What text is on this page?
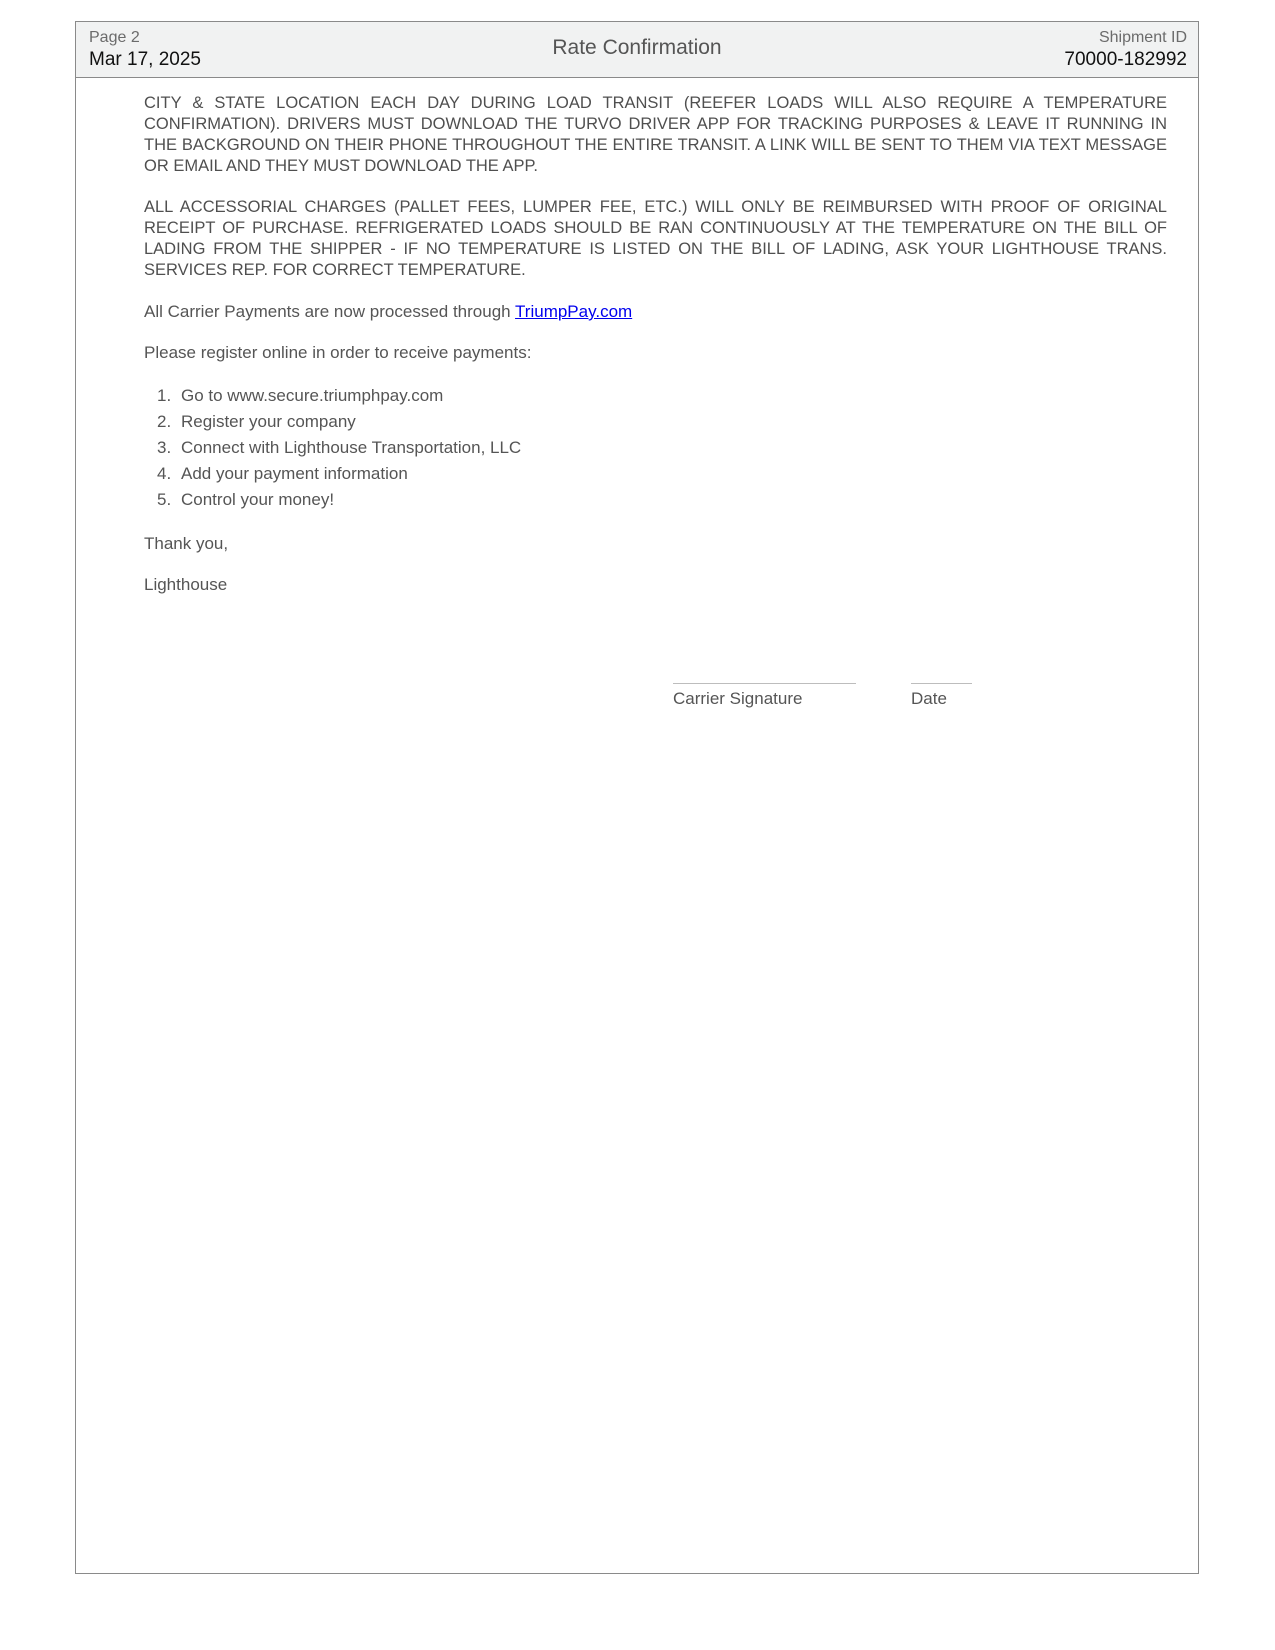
Page 2
Mar 17, 2025
Rate Confirmation	Shipment ID
70000-182992

CITY & STATE LOCATION EACH DAY DURING LOAD TRANSIT (REEFER LOADS WILL ALSO REQUIRE A TEMPERATURE CONFIRMATION). DRIVERS MUST DOWNLOAD THE TURVO DRIVER APP FOR TRACKING PURPOSES & LEAVE IT RUNNING IN THE BACKGROUND ON THEIR PHONE THROUGHOUT THE ENTIRE TRANSIT. A LINK WILL BE SENT TO THEM VIA TEXT MESSAGE OR EMAIL AND THEY MUST DOWNLOAD THE APP.

ALL ACCESSORIAL CHARGES (PALLET FEES, LUMPER FEE, ETC.) WILL ONLY BE REIMBURSED WITH PROOF OF ORIGINAL RECEIPT OF PURCHASE. REFRIGERATED LOADS SHOULD BE RAN CONTINUOUSLY AT THE TEMPERATURE ON THE BILL OF LADING FROM THE SHIPPER - IF NO TEMPERATURE IS LISTED ON THE BILL OF LADING, ASK YOUR LIGHTHOUSE TRANS. SERVICES REP. FOR CORRECT TEMPERATURE.

All Carrier Payments are now processed through TriumpPay.com

Please register online in order to receive payments:

1. Go to www.secure.triumphpay.com
2. Register your company
3. Connect with Lighthouse Transportation, LLC
4. Add your payment information
5. Control your money!

Thank you,

Lighthouse

Carrier Signature	Date
